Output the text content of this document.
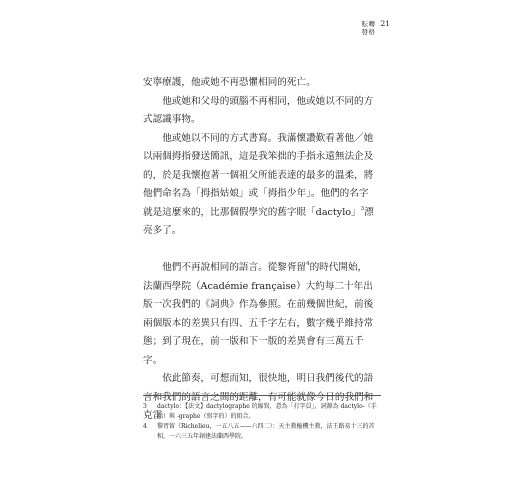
転轉
發格
21

安寧療護，他或她不再恐懼相同的死亡。

他或她和父母的頭腦不再相同，他或她以不同的方式認識事物。

他或她以不同的方式書寫。我滿懷讚歎看著他／她以兩個拇指發送簡訊，這是我笨拙的手指永遠無法企及的，於是我懷抱著一個祖父所能表達的最多的溫柔，將他們命名為「拇指姑娘」或「拇指少年」。他們的名字就是這麼來的，比那個假學究的舊字眼「dactylo」$^3$漂亮多了。

他們不再說相同的語言。從黎胥留$^4$的時代開始，法蘭西學院（Académie française）大約每二十年出版一次我們的《詞典》作為參照。在前幾個世紀，前後兩個版本的差異只有四、五千字左右，數字幾乎維持常態；到了現在，前一版和下一版的差異會有三萬五千字。

依此節奏，可想而知，很快地，明日我們後代的語言和我們的語言之間的距離，有可能就像今日的我們和克雷

3 dactylo：【法文】dactylographe 的縮寫，意為「打字員」，詞源為 dactylo-（手指）與 -graphe（寫字的）的組合。
4 黎胥留（Richelieu，一五八五——六四二）：天主教樞機主教，法王路易十三的首相，一六三五年創建法蘭西學院。
